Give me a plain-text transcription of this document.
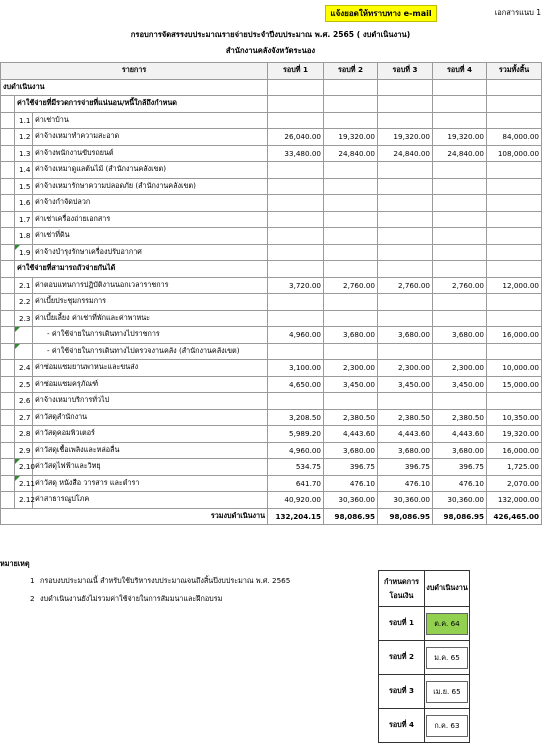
แจ้งยอดให้ทราบทาง e-mail	เอกสารแนบ 1
กรอบการจัดสรรงบประมาณรายจ่ายประจำปีงบประมาณ พ.ศ. 2565 ( งบดำเนินงาน)
สำนักงานคลังจังหวัดระนอง
รายการ			รอบที่ 1	รอบที่ 2	รอบที่ 3	รอบที่ 4	รวมทั้งสิ้น
งบดำเนินงาน							
	ค่าใช้จ่ายที่มีรวดการจ่ายที่แน่นอน/หนี้ใกล้ถึงกำหนด						
	1.1	ค่าเช่าบ้าน					
	1.2	ค่าจ้างเหมาทำความสะอาด	26,040.00	19,320.00	19,320.00	19,320.00	84,000.00
	1.3	ค่าจ้างพนักงานขับรถยนต์	33,480.00	24,840.00	24,840.00	24,840.00	108,000.00
	1.4	ค่าจ้างเหมาดูแลต้นไม้ (สำนักงานคลังเขต)					
	1.5	ค่าจ้างเหมารักษาความปลอดภัย (สำนักงานคลังเขต)					
	1.6	ค่าจ้างกำจัดปลวก					
	1.7	ค่าเช่าเครื่องถ่ายเอกสาร					
	1.8	ค่าเช่าที่ดิน					

1.9	ค่าจ้างบำรุงรักษาเครื่องปรับอากาศ					
	ค่าใช้จ่ายที่สามารถถัวจ่ายกันได้						
	2.1	ค่าตอบแทนการปฏิบัติงานนอกเวลาราชการ	3,720.00	2,760.00	2,760.00	2,760.00	12,000.00
	2.2	ค่าเบี้ยประชุมกรรมการ					
	2.3	ค่าเบี้ยเลี้ยง ค่าเช่าที่พักและค่าพาหนะ					

	- ค่าใช้จ่ายในการเดินทางไปราชการ	4,960.00	3,680.00	3,680.00	3,680.00	16,000.00

	- ค่าใช้จ่ายในการเดินทางไปตรวจงานคลัง (สำนักงานคลังเขต)					
	2.4	ค่าซ่อมแซมยานพาหนะและขนส่ง	3,100.00	2,300.00	2,300.00	2,300.00	10,000.00
	2.5	ค่าซ่อมแซมครุภัณฑ์	4,650.00	3,450.00	3,450.00	3,450.00	15,000.00
	2.6	ค่าจ้างเหมาบริการทั่วไป					
	2.7	ค่าวัสดุสำนักงาน	3,208.50	2,380.50	2,380.50	2,380.50	10,350.00
	2.8	ค่าวัสดุคอมพิวเตอร์	5,989.20	4,443.60	4,443.60	4,443.60	19,320.00
	2.9	ค่าวัสดุเชื้อเพลิงและหล่อลื่น	4,960.00	3,680.00	3,680.00	3,680.00	16,000.00

2.10	ค่าวัสดุไฟฟ้าและวิทยุ	534.75	396.75	396.75	396.75	1,725.00

2.11	ค่าวัสดุ หนังสือ วารสาร และตำรา	641.70	476.10	476.10	476.10	2,070.00
	2.12	ค่าสาธารณูปโภค	40,920.00	30,360.00	30,360.00	30,360.00	132,000.00
รวมงบดำเนินงาน			132,204.15	98,086.95	98,086.95	98,086.95	426,465.00
หมายเหตุ
1 กรอบงบประมาณนี้ สำหรับใช้บริหารงบประมาณจนถึงสิ้นปีงบประมาณ พ.ศ. 2565
2 งบดำเนินงานยังไม่รวมค่าใช้จ่ายในการสัมมนาและฝึกอบรม
กำหนดการ
โอนเงิน	งบดำเนินงาน
รอบที่ 1	ต.ค. 64
รอบที่ 2	ม.ค. 65
รอบที่ 3	เม.ย. 65
รอบที่ 4	ก.ค. 63
